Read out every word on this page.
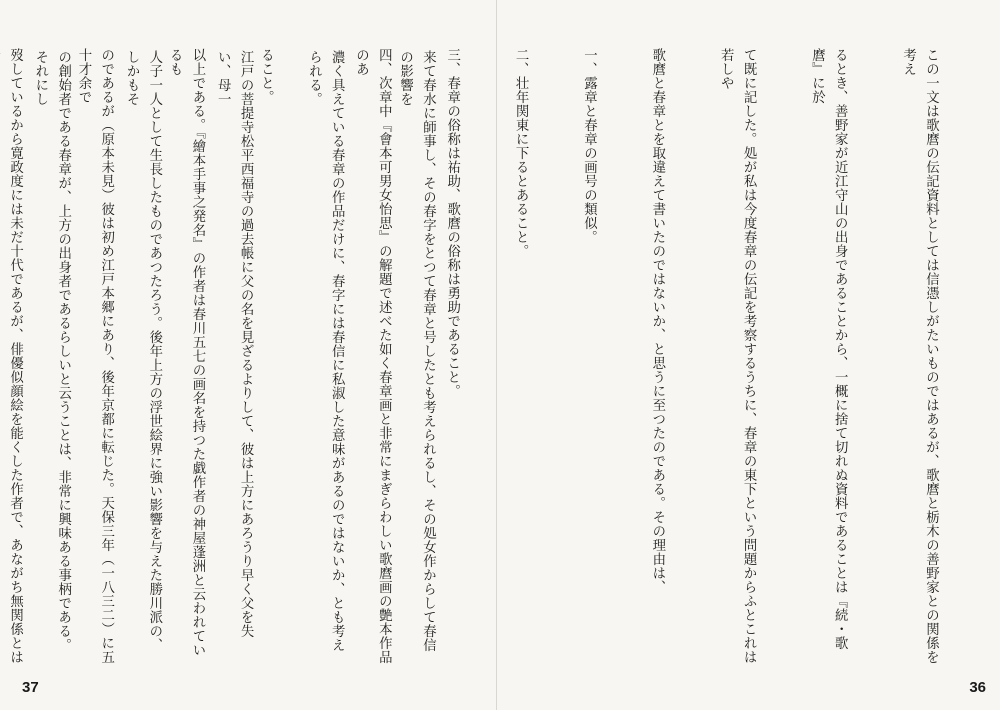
来て春水に師事し、その春字をとつて春章と号したとも考えられるし、その処女作からして春信の影響を

濃く具えている春章の作品だけに、春字には春信に私淑した意味があるのではないか、とも考えられる。

江戸の菩提寺松平西福寺の過去帳に父の名を見ざるよりして、彼は上方にあろうり早く父を失い、母一

人子一人として生長したものであつたろう。後年上方の浮世絵界に強い影響を与えた勝川派の、しかもそ

の創始者である春章が、上方の出身者であるらしいと云うことは、非常に興味ある事柄である。それにし

37

この一文は歌麿の伝記資料としては信憑しがたいものではあるが、歌麿と栃木の善野家との関係を考え

るとき、善野家が近江守山の出身であることから、一概に捨て切れぬ資料であることは『続・歌麿』に於

て既に記した。処が私は今度春章の伝記を考察するうちに、春章の東下という問題からふとこれは若しや

歌麿と春章とを取違えて書いたのではないか、と思うに至つたのである。その理由は、

一、露章と春章の画号の類似。

二、壮年関東に下るとあること。

三、春章の俗称は祐助、歌麿の俗称は勇助であること。

四、次章中『會本可男女怡思』の解題で述べた如く春章画と非常にまぎらわしい歌麿画の艶本作品のあ

ること。

以上である。『繪本手事之発名』の作者は春川五七の画名を持つた戯作者の神屋蓬洲と云われているも

のであるが（原本未見）彼は初め江戸本郷にあり、後年京都に転じた。天保三年（一八三二）に五十才余で

歿しているから寛政度には未だ十代であるが、俳優似顔絵を能くした作者で、あながち無関係とは

36
